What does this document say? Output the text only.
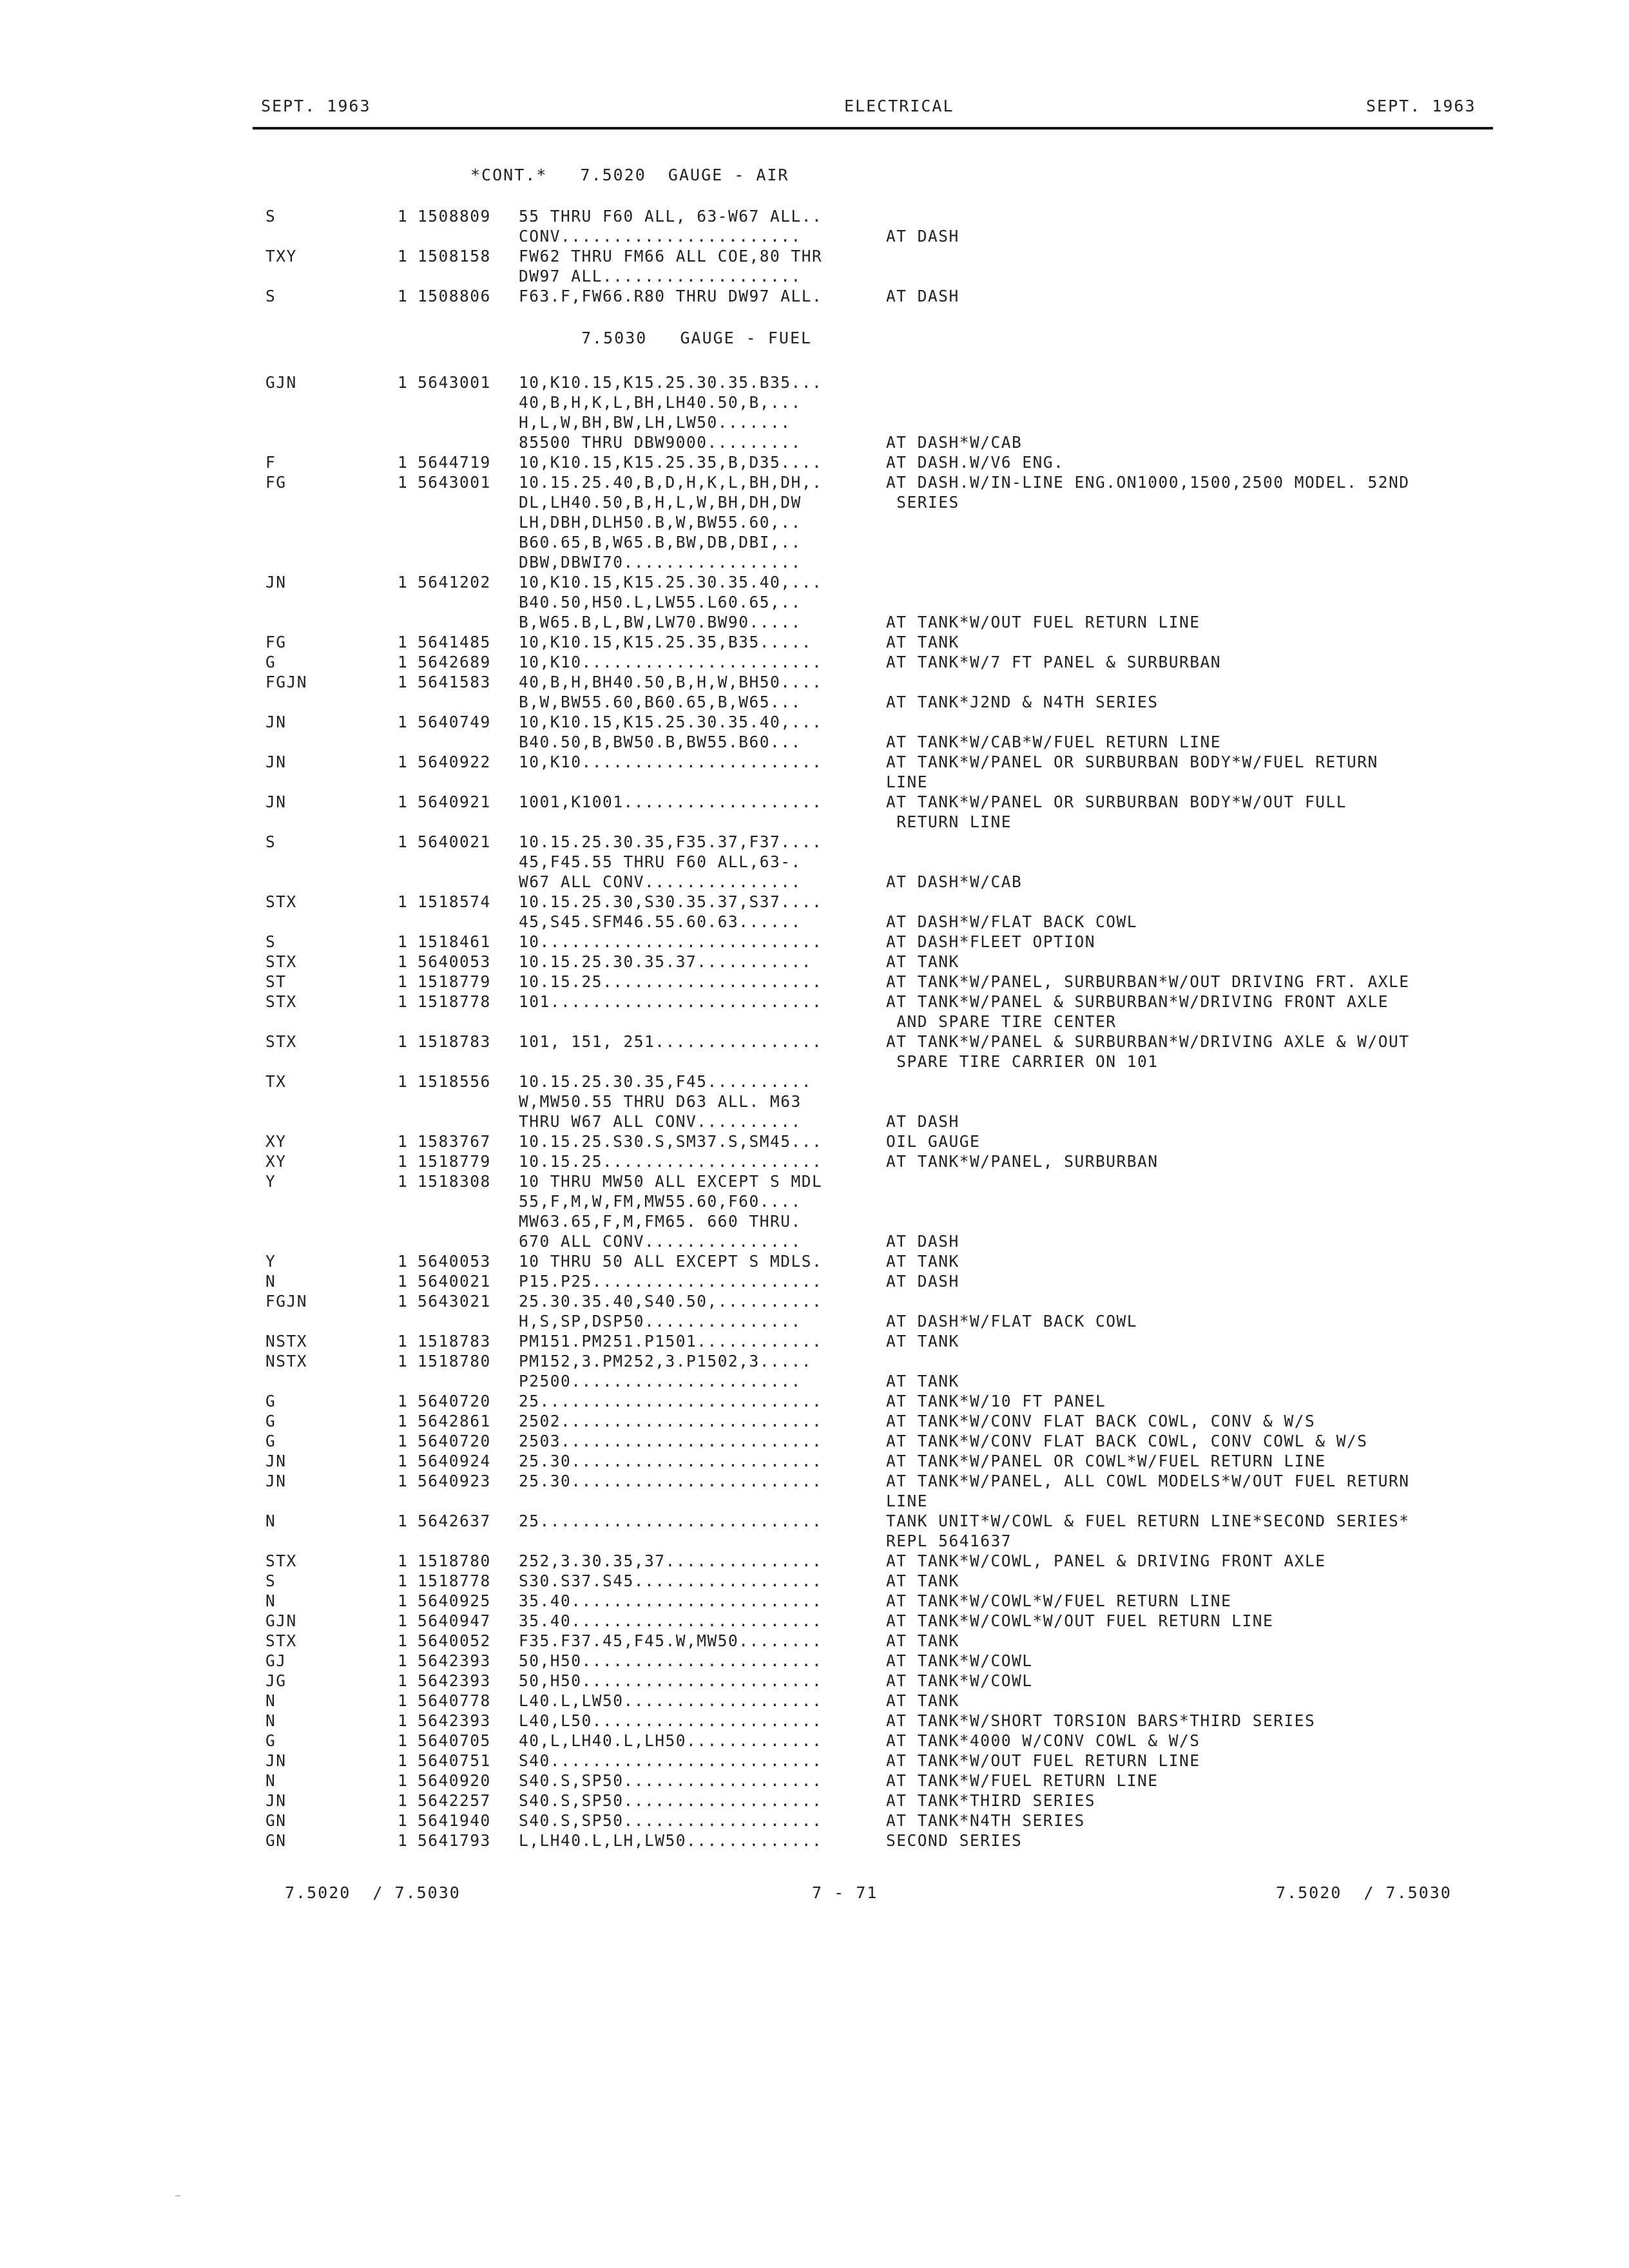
SEPT. 1963	ELECTRICAL	SEPT. 1963
*CONT.*   7.5020  GAUGE - AIR
7.5030   GAUGE - FUEL
S	1 1508809 55 THRU F60 ALL, 63-W67 ALL..
CONV.......................	AT DASH
TXY	1 1508158 FW62 THRU FM66 ALL COE,80 THR
DW97 ALL...................
S	1 1508806 F63.F,FW66.R80 THRU DW97 ALL.	AT DASH
GJN	1 5643001 10,K10.15,K15.25.30.35.B35...
40,B,H,K,L,BH,LH40.50,B,...
H,L,W,BH,BW,LH,LW50.......
85500 THRU DBW9000.........	AT DASH*W/CAB
F	1 5644719 10,K10.15,K15.25.35,B,D35....	AT DASH.W/V6 ENG.
FG	1 5643001 10.15.25.40,B,D,H,K,L,BH,DH,.	AT DASH.W/IN-LINE ENG.ON1000,1500,2500 MODEL. 52ND
DL,LH40.50,B,H,L,W,BH,DH,DW	SERIES
LH,DBH,DLH50.B,W,BW55.60,..
B60.65,B,W65.B,BW,DB,DBI,..
DBW,DBWI70.................
JN	1 5641202 10,K10.15,K15.25.30.35.40,...
B40.50,H50.L,LW55.L60.65,..
B,W65.B,L,BW,LW70.BW90.....	AT TANK*W/OUT FUEL RETURN LINE
FG	1 5641485 10,K10.15,K15.25.35,B35.....	AT TANK
G	1 5642689 10,K10.......................	AT TANK*W/7 FT PANEL & SURBURBAN
FGJN	1 5641583 40,B,H,BH40.50,B,H,W,BH50....
B,W,BW55.60,B60.65,B,W65...	AT TANK*J2ND & N4TH SERIES
JN	1 5640749 10,K10.15,K15.25.30.35.40,...
B40.50,B,BW50.B,BW55.B60...	AT TANK*W/CAB*W/FUEL RETURN LINE
JN	1 5640922 10,K10.......................	AT TANK*W/PANEL OR SURBURBAN BODY*W/FUEL RETURN
LINE
JN	1 5640921 1001,K1001...................	AT TANK*W/PANEL OR SURBURBAN BODY*W/OUT FULL
RETURN LINE
S	1 5640021 10.15.25.30.35,F35.37,F37....
45,F45.55 THRU F60 ALL,63-.
W67 ALL CONV...............	AT DASH*W/CAB
STX	1 1518574 10.15.25.30,S30.35.37,S37....
45,S45.SFM46.55.60.63......	AT DASH*W/FLAT BACK COWL
S	1 1518461 10...........................	AT DASH*FLEET OPTION
STX	1 5640053 10.15.25.30.35.37...........	AT TANK
ST	1 1518779 10.15.25.....................	AT TANK*W/PANEL, SURBURBAN*W/OUT DRIVING FRT. AXLE
STX	1 1518778 101..........................	AT TANK*W/PANEL & SURBURBAN*W/DRIVING FRONT AXLE
AND SPARE TIRE CENTER
STX	1 1518783 101, 151, 251................	AT TANK*W/PANEL & SURBURBAN*W/DRIVING AXLE & W/OUT
SPARE TIRE CARRIER ON 101
TX	1 1518556 10.15.25.30.35,F45..........
W,MW50.55 THRU D63 ALL. M63
THRU W67 ALL CONV..........	AT DASH
XY	1 1583767 10.15.25.S30.S,SM37.S,SM45...	OIL GAUGE
XY	1 1518779 10.15.25.....................	AT TANK*W/PANEL, SURBURBAN
Y	1 1518308 10 THRU MW50 ALL EXCEPT S MDL
55,F,M,W,FM,MW55.60,F60....
MW63.65,F,M,FM65. 660 THRU.
670 ALL CONV...............	AT DASH
Y	1 5640053 10 THRU 50 ALL EXCEPT S MDLS.	AT TANK
N	1 5640021 P15.P25......................	AT DASH
FGJN	1 5643021 25.30.35.40,S40.50,..........
H,S,SP,DSP50...............	AT DASH*W/FLAT BACK COWL
NSTX	1 1518783 PM151.PM251.P1501............	AT TANK
NSTX	1 1518780 PM152,3.PM252,3.P1502,3.....
P2500......................	AT TANK
G	1 5640720 25...........................	AT TANK*W/10 FT PANEL
G	1 5642861 2502.........................	AT TANK*W/CONV FLAT BACK COWL, CONV & W/S
G	1 5640720 2503.........................	AT TANK*W/CONV FLAT BACK COWL, CONV COWL & W/S
JN	1 5640924 25.30........................	AT TANK*W/PANEL OR COWL*W/FUEL RETURN LINE
JN	1 5640923 25.30........................	AT TANK*W/PANEL, ALL COWL MODELS*W/OUT FUEL RETURN
LINE
N	1 5642637 25...........................	TANK UNIT*W/COWL & FUEL RETURN LINE*SECOND SERIES*
REPL 5641637
STX	1 1518780 252,3.30.35,37...............	AT TANK*W/COWL, PANEL & DRIVING FRONT AXLE
S	1 1518778 S30.S37.S45..................	AT TANK
N	1 5640925 35.40........................	AT TANK*W/COWL*W/FUEL RETURN LINE
GJN	1 5640947 35.40........................	AT TANK*W/COWL*W/OUT FUEL RETURN LINE
STX	1 5640052 F35.F37.45,F45.W,MW50........	AT TANK
GJ	1 5642393 50,H50.......................	AT TANK*W/COWL
JG	1 5642393 50,H50.......................	AT TANK*W/COWL
N	1 5640778 L40.L,LW50...................	AT TANK
N	1 5642393 L40,L50......................	AT TANK*W/SHORT TORSION BARS*THIRD SERIES
G	1 5640705 40,L,LH40.L,LH50.............	AT TANK*4000 W/CONV COWL & W/S
JN	1 5640751 S40..........................	AT TANK*W/OUT FUEL RETURN LINE
N	1 5640920 S40.S,SP50...................	AT TANK*W/FUEL RETURN LINE
JN	1 5642257 S40.S,SP50...................	AT TANK*THIRD SERIES
GN	1 5641940 S40.S,SP50...................	AT TANK*N4TH SERIES
GN	1 5641793 L,LH40.L,LH,LW50.............	SECOND SERIES
7.5020  / 7.5030	7 - 71	7.5020  / 7.5030
